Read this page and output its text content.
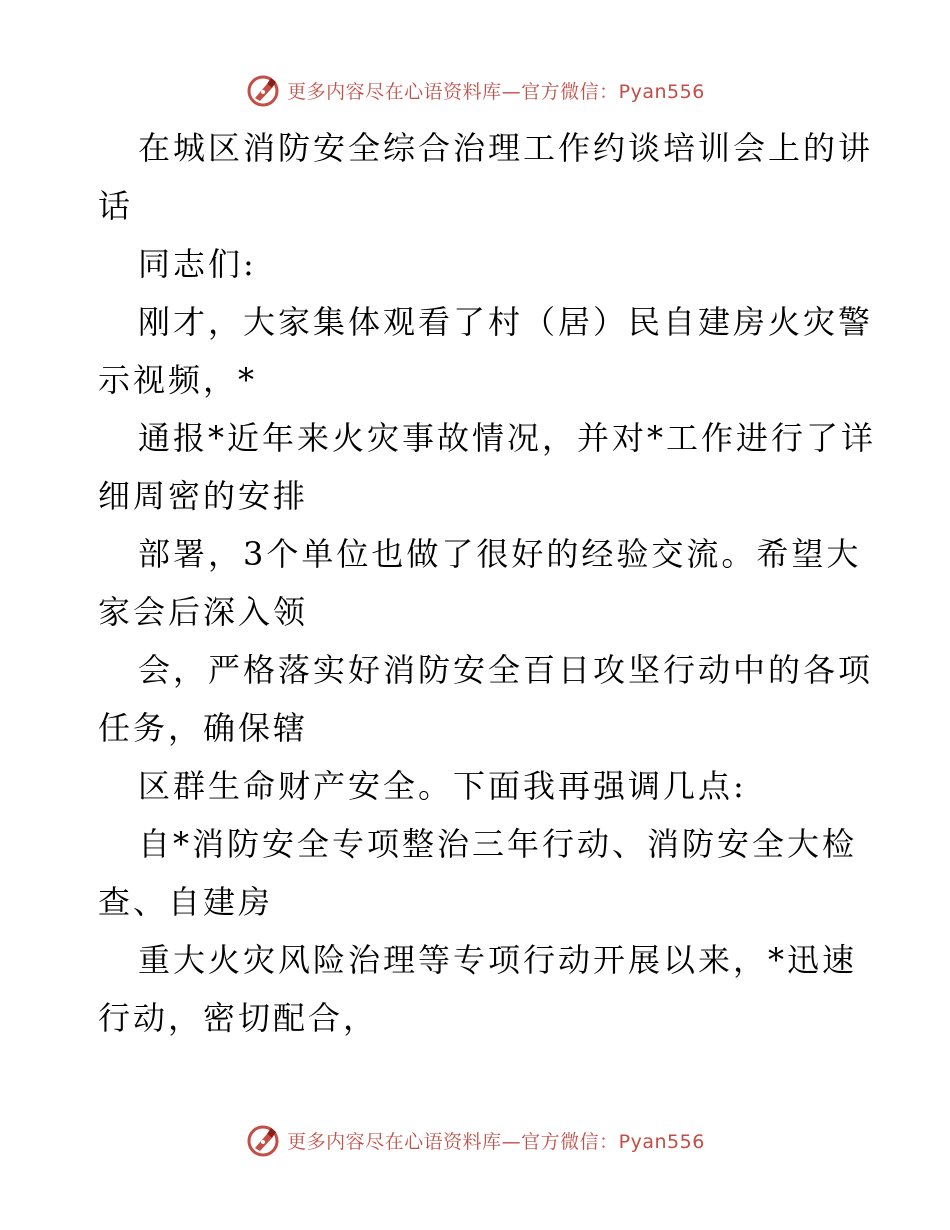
更多内容尽在心语资料库—官方微信：Pyan556
在城区消防安全综合治理工作约谈培训会上的讲
话
同志们:
刚才，大家集体观看了村（居）民自建房火灾警
示视频，*
通报*近年来火灾事故情况，并对*工作进行了详
细周密的安排
部署，3个单位也做了很好的经验交流。希望大
家会后深入领
会，严格落实好消防安全百日攻坚行动中的各项
任务，确保辖
区群生命财产安全。下面我再强调几点:
自*消防安全专项整治三年行动、消防安全大检
查、自建房
重大火灾风险治理等专项行动开展以来，*迅速
行动，密切配合，
更多内容尽在心语资料库—官方微信：Pyan556
